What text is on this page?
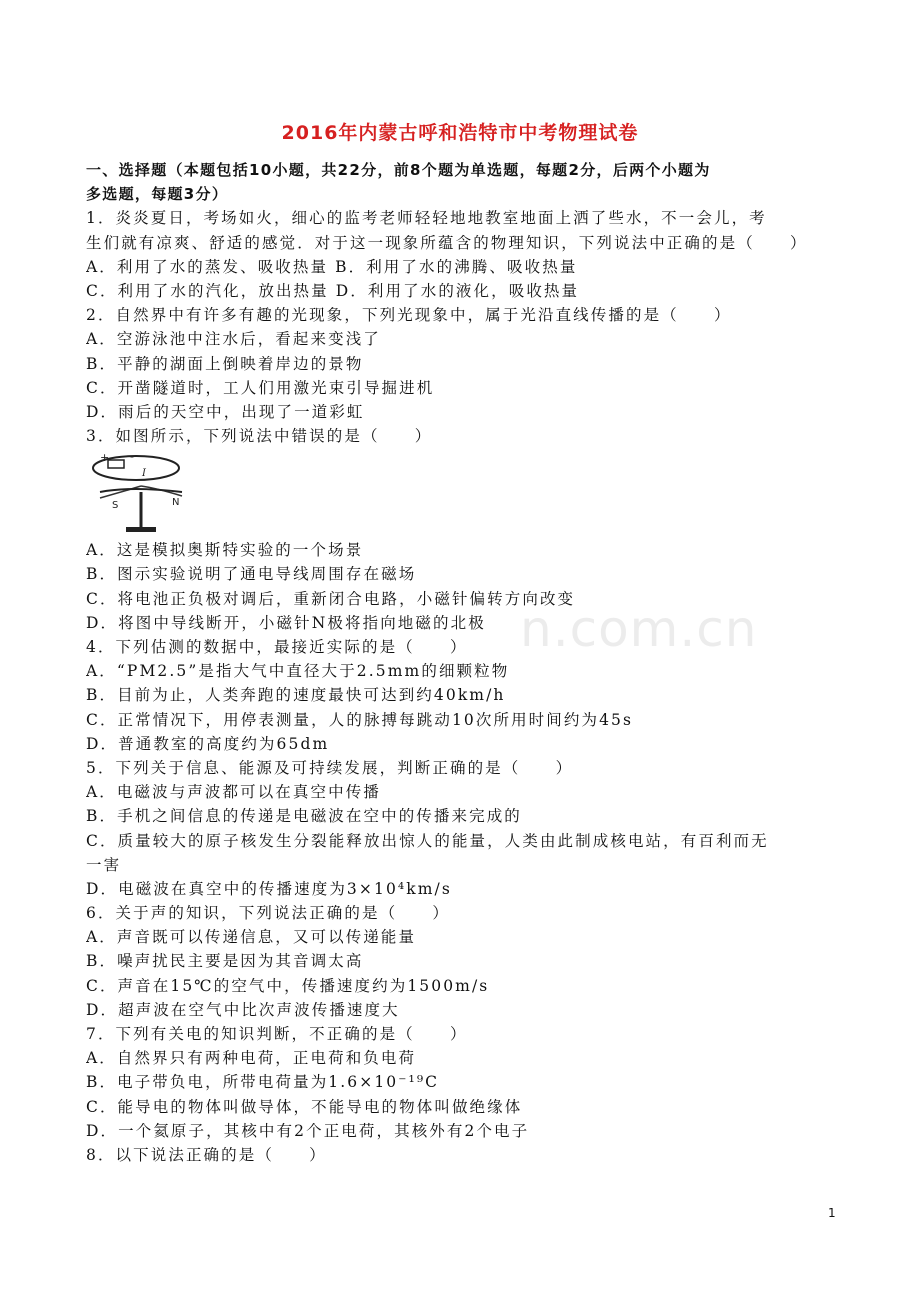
2016年内蒙古呼和浩特市中考物理试卷
一、选择题（本题包括10小题，共22分，前8个题为单选题，每题2分，后两个小题为
多选题，每题3分）
1．炎炎夏日，考场如火，细心的监考老师轻轻地地教室地面上洒了些水，不一会儿，考
生们就有凉爽、舒适的感觉．对于这一现象所蕴含的物理知识，下列说法中正确的是（　　）
A．利用了水的蒸发、吸收热量 B．利用了水的沸腾、吸收热量
C．利用了水的汽化，放出热量 D．利用了水的液化，吸收热量
2．自然界中有许多有趣的光现象，下列光现象中，属于光沿直线传播的是（　　）
A．空游泳池中注水后，看起来变浅了
B．平静的湖面上倒映着岸边的景物
C．开凿隧道时，工人们用激光束引导掘进机
D．雨后的天空中，出现了一道彩虹
3．如图所示，下列说法中错误的是（　　）
+ -
I
S	N
A．这是模拟奥斯特实验的一个场景
B．图示实验说明了通电导线周围存在磁场
C．将电池正负极对调后，重新闭合电路，小磁针偏转方向改变
D．将图中导线断开，小磁针N极将指向地磁的北极
4．下列估测的数据中，最接近实际的是（　　）
A．“PM2.5”是指大气中直径大于2.5mm的细颗粒物
B．目前为止，人类奔跑的速度最快可达到约40km/h
C．正常情况下，用停表测量，人的脉搏每跳动10次所用时间约为45s
D．普通教室的高度约为65dm
5．下列关于信息、能源及可持续发展，判断正确的是（　　）
A．电磁波与声波都可以在真空中传播
B．手机之间信息的传递是电磁波在空中的传播来完成的
C．质量较大的原子核发生分裂能释放出惊人的能量，人类由此制成核电站，有百利而无
一害
D．电磁波在真空中的传播速度为3×10⁴km/s
6．关于声的知识，下列说法正确的是（　　）
A．声音既可以传递信息，又可以传递能量
B．噪声扰民主要是因为其音调太高
C．声音在15℃的空气中，传播速度约为1500m/s
D．超声波在空气中比次声波传播速度大
7．下列有关电的知识判断，不正确的是（　　）
A．自然界只有两种电荷，正电荷和负电荷
B．电子带负电，所带电荷量为1.6×10⁻¹⁹C
C．能导电的物体叫做导体，不能导电的物体叫做绝缘体
D．一个氦原子，其核中有2个正电荷，其核外有2个电子
8．以下说法正确的是（　　）
n.com.cn
1
